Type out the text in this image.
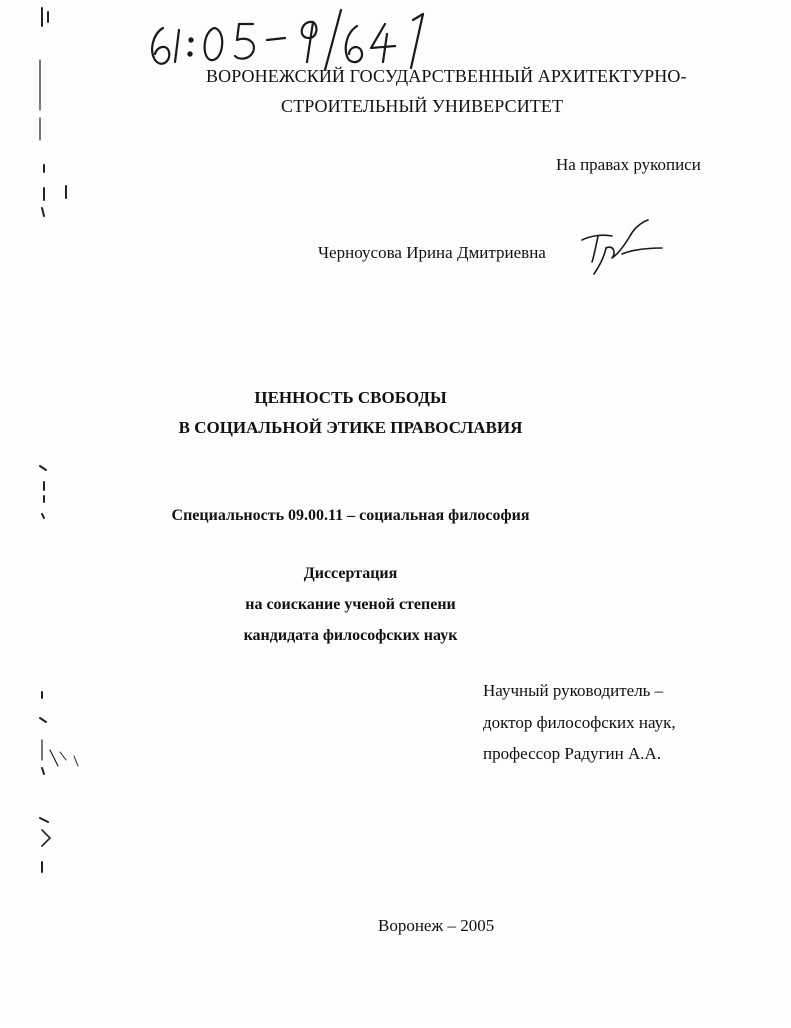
ВОРОНЕЖСКИЙ ГОСУДАРСТВЕННЫЙ АРХИТЕКТУРНО-
СТРОИТЕЛЬНЫЙ УНИВЕРСИТЕТ
На правах рукописи
Черноусова Ирина Дмитриевна
ЦЕННОСТЬ СВОБОДЫ
В СОЦИАЛЬНОЙ ЭТИКЕ ПРАВОСЛАВИЯ
Специальность 09.00.11 – социальная философия
Диссертация
на соискание ученой степени
кандидата философских наук
Научный руководитель –
доктор философских наук,
профессор Радугин А.А.
Воронеж – 2005
